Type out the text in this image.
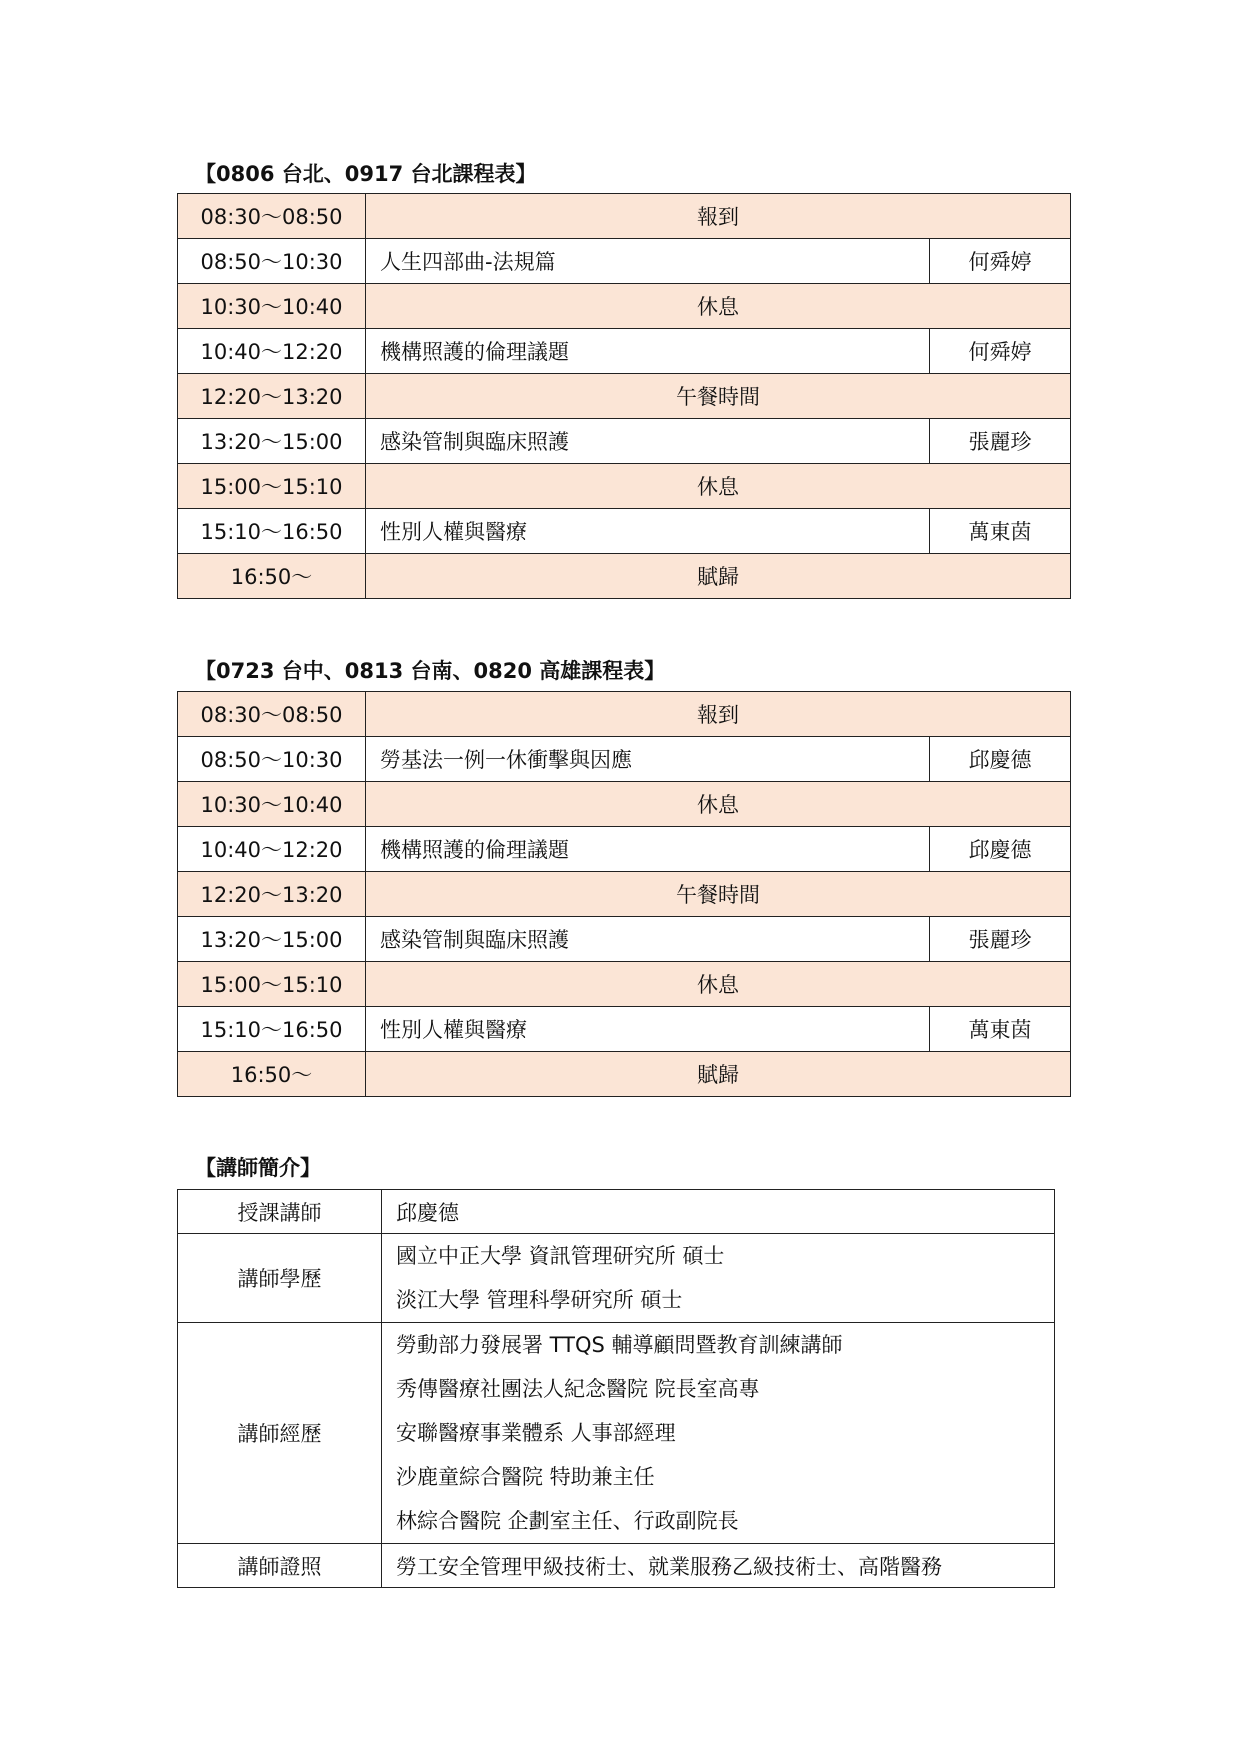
【0806 台北、0917 台北課程表】
08:30～08:50	報到	
08:50～10:30	人生四部曲-法規篇	何舜婷
10:30～10:40	休息	
10:40～12:20	機構照護的倫理議題	何舜婷
12:20～13:20	午餐時間	
13:20～15:00	感染管制與臨床照護	張麗珍
15:00～15:10	休息	
15:10～16:50	性別人權與醫療	萬東茵
16:50～	賦歸	
【0723 台中、0813 台南、0820 高雄課程表】
08:30～08:50	報到	
08:50～10:30	勞基法一例一休衝擊與因應	邱慶德
10:30～10:40	休息	
10:40～12:20	機構照護的倫理議題	邱慶德
12:20～13:20	午餐時間	
13:20～15:00	感染管制與臨床照護	張麗珍
15:00～15:10	休息	
15:10～16:50	性別人權與醫療	萬東茵
16:50～	賦歸	
【講師簡介】
授課講師	邱慶德
講師學歷	國立中正大學 資訊管理研究所 碩士
淡江大學 管理科學研究所 碩士

講師經歷	勞動部力發展署 TTQS 輔導顧問暨教育訓練講師
秀傳醫療社團法人紀念醫院 院長室高專
安聯醫療事業體系 人事部經理
沙鹿童綜合醫院 特助兼主任
林綜合醫院 企劃室主任、行政副院長

講師證照	勞工安全管理甲級技術士、就業服務乙級技術士、高階醫務
